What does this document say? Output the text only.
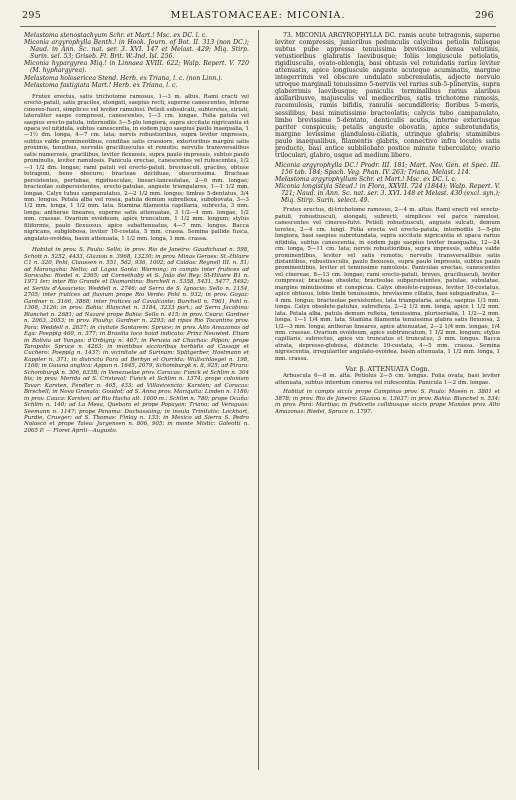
295	MELASTOMACEAE: MICONIA.	296

Melastoma stenostachyum Schr. et Mart.! Msc. ex DC. l. c.

Miconia argyrophylla Benth.! in Hook. Journ. of Bot. II. 313 (non DC.); Naud. in Ann. Sc. nat. ser. 3. XVI. 147 et Melast. 429; Miq. Stirp. Surin. sel. 53; Griseb. Fl. Brit. W.-Ind. Isl. 256.

Miconia hypargyrea Miq.! in Linnaea XVIII. 622; Walp. Repert. V. 720 (M. hyphargyrea).

Melastoma holosericea Stend. Herb. ex Triana, l. c. (non Linn.).

Melastoma fastigiata Mart.! Herb. ex Triana, l. c.

Frutex erectus, satis trichotome ramosus, 1—3 m. altus. Rami cracti vel erecto-patuli, satis graciles, elongati, saepius recti, superne canescentes, inferne cinereo-fusci, simplices vel leviter ramulosi. Petioli subsulcati, subteretes, striati, lateraliter saepe compressi, canescentes, 1—3 cm. longae. Folia patula vel saepius erecto-patula, internodiis 3—5-plo longiora, supra siccitate nigricantia et opaca vel nitidula, subtus canescentia, in eodem jugo saepius paulo inaequalia, 1—1½ dm. longa, 4—7 cm. lata; nervis robustioribus, supra leviter impressis, subtus valde prominentibus, conditae satis crassiore, exterioribus margini satis proximis, tenuibus, nervulis graciliusculus et remotis; nervulis transversalibus satis numerosis, gracilibus, leviter flexuosis, supra paulo impressis, subtus paulo prominulis, leviter ramulosis. Panicula erectae, canescentes vel rufescentes, 1/2—1 1/2 dm. longae; rami patuli vel erecto-patuli, breviusculi, graciles, obtuse tetragoni, bene obscure; bracteae deciduae, obscurissima. Bracteae persistentes, pertubae, rigidiusculae, lineari-lanceolatae, 2—6 mm. longae; bracteolae subpersistentes, erecto-patulae, anguste triangulares, 1—1 1/2 mm. longae. Calyx tubus campanulatus, 2—2 1/2 mm. longus; limbus 5-dentatus, 3/4 mm. longus. Petala alba vel rosea, patula demum subreflexa, subobovata, 3—3 1/2 mm. longa, 1 1/2 mm. lata. Stamina filamenta capillaria, subrecta, 3 mm. longa; antherae lineares, superne satis attenuatae, 3 1/2—4 mm. longae, 1/2 mm. crassae. Ovarium ovoideum, apice truncatum, 1 1/2 mm. longum; stylus filiformis, paulo flexuosus, apice subattenuatus, 4—7 mm. longus. Bacca nigricans, subglobosa, leviter 10-costata, 5 mm. crassa. Semina pallide fusca, angulato-ovoidea, basin attenuata, 1 1/2 mm. longa, 1 mm. crassa.

Habitat in prov. S. Paulo: Sello; in prov. Rio de Janeiro: Gaudichaud n. 598, Schott n. 5252, 4433, Glaziou n. 3968, 13230; in prov. Minas Geraes: St.-Hilaire C1 n. 320, Pohl, Claussen n. 551, 562, 936, 1002; ad Caldas: Regnell III. n. 51; ad Marangaba: Netto; ad Lagoa Santa: Warming; in campis inter frutices ad Sorocaba: Riedel n. 2365; ad Cornethaby et S. João del Rey: St-Hilaire B1 n. 1971 ter; inter Rio Grande et Diamantina: Burchell n. 5358, 5431, 5477, 5492; et Serilis d'Assucieio: Weddell n. 2746; ad Serra de S. Ignacio: Sello n. 1154, 2705; inter frutices ad fluvium prope Rio Verde: Pohl n. 932; in prov. Goyaz: Gardner n. 3166, 3868; inter frutices ad Cavalcante: Burchell n. 7961, Pohl n. 1308, 3126; in prov. Bahia: Blanchet n. 3184, 3233 part.; ad Serra Jacobina: Blanchet n. 2681; ad Nazaré prope Bahia: Sello n. 415; in prov. Ceara: Gardner n. 2063, 2053; in prov. Piauhy: Gardner n. 2293; ad ripas Rio Tocantins prov. Para: Weddell n. 2637; in civitate Santarem: Spruce; in prov. Alto Amazonas ad Ega: Poeppig 460, n. 377; in Brasilia loco haud indicato: Prinz Neuwied. Etiam in Bolivia ad Yungas: d'Orbigny n. 467; in Peruvia ad Chachas: Pöpon; prope Tarapoto: Spruce n. 4263; in montibus siccioribus herbidis ad Cassapi et Cuchero: Poeppig n. 1437; in vicinitate ad Surinam: Splitgerber, Hostmann et Kappler n. 371; in districtu Para ad Berbyn et Ourrida: Wullschlaegel n. 198, 1168; in Guiana anglica: Appun n. 1645, 2079, Schomburgk n. 8, 925; ad Pirara: Schomburgk n. 306, 633B; in Venezuelae prov. Caracas: Funck et Schlim n. 304 bis; in prov. Merida ad S. Cristoval: Funck et Schlim n. 1374; prope coloniam Tovar: Karsten, Fendler n. 465, 433; ad Villavicencio: Karsten; ad Caracas: Birschell; in Nova Granata: Goudot; ad S. Anna prov. Mariquita: Linden n. 1186; in prov. Cauca: Karsten; ad Rio Hacha alt. 1600 m.: Schlim n. 780; prope Ocaña: Schlim n. 140; ad La Mesa, Quebara et prope Popayan: Triana; ad Veraguas: Seemann n. 1147; prope Panama: Duchassaing; in insula Trinitatis: Lockhart, Purdie, Crueger; ad S. Thomas: Finlay n. 133; in Mexico ad Sierra S. Pedro Nolasco et prope Talea: Jurgensen n. 806, 905; in monte Mistic: Galeotti n. 2065 P. — Floret Aprili—Augusto.

73. MICONIA ARGYROPHYLLA DC. ramis acute tetragonis, superne leviter compressis, junioribus pedunculis calycibus petiolis foliisque subtus pube appressa tenuissima brevissima densa velutinis, vetustioribus glabratis laevibusque; foliis longiuscule petiolatis, rigidiusculis, ovato-oblongis, basi obtusis vel rotundatis rarius leviter attenuatis, apice longiuscule anguste acuteque acuminatis, margine integerrimis vel obscure undulato subcrenulatis, adjecto nervulo utroque marginali tenuissimo 5-nerviis vel rarius sub-5-plinerviis, supra glaberrimis laevibusque; paniculis terminalibus rarius alaribus axillaribusve, majusculis vel mediocribus, satis trichotome ramosis, racemulosis, ramis bifidis, ramulis secundifloris; floribus 5-meris, sessilibus, basi minutissime bracteolatis; calycis tubo campanulato, limbo brevissime 5-dentato, denticulis acutis, interne exteriusque pariter conspicuis; petalis anguste obovatis, apice subrotundatis, margine levissime glandulosu-ciliatis, utrinque glabris; staminibus paulo inaequalibus, filamentis glabris, connectivo infra loculos satis producto, basi antice subbilobato postice minute tuberculato; ovario triloculari, glabro, usque ad medium libero.

Miconia argyrophylla DC.! Prodr. III. 181; Mart. Nov. Gen. et Spec. III. 156 tab. 184; Spach. Veg. Phan. IV. 263; Triana, Melast. 114.

Melastoma argyrophyllum Schr. et Mart.! Msc. ex DC. l. c.

Miconia longistyla Steud.! in Flora, XXVII. 724 (1844); Walp. Repert. V. 721; Naud. in Ann. Sc. nat. ser. 3. XVI. 148 et Melast. 430 (excl. syn.); Miq. Stirp. Surin. select. 49.

Frutex erectus, di-trichotome ramosus, 2—4 m. altus. Rami erecti vel erecto-patuli, robustiusculi, elongati, subrecti, simplices vel parce ramulosi, canescentes vel cinereo-fulvi. Petioli robustiusculi, anguste sulcati, demum teretes, 2—4 cm. longi. Folia erecta vel erecto-patula, internodiis 3—5-plo longiora, basi saepius subrotundata, supra siccitate nigricantia et opaca rarius nitidula, subtus canescentia, in eodem jugo saepius leviter inaequalia, 12—24 cm. longa, 5—11 cm. lata; nervis robustioribus, supra impressis, subtus valde prominentibus, leviter vel satis remotis; nervulis transversalibus satis distantibus, robustiusculis, paulo flexuosis, supra paulo impressis, subtus paulo prominentibus, leviter et tenuissime ramulosis. Paniculae erectae, canescentes vel cinereae, 8—13 cm. longae; rami erecto-patuli, breves, graciliusculi, leviter compressi; bracteae obsolete; bracteolae subpersistentes, patulae, subulatae, margine minutissime et conspicua. Calyx obsolete-rugosus, leviter 10-costatus, apice obtusus, lobis limbi tenuissimis, brevissime ciliatis, basi subquadratus, 2—4 mm. longus; bracteolae persistentes, lata triangularia, acuta, saepius 1/3 mm. longa. Calyx obsolete-patulus, subreflexa, 2—2 1/2 mm. longa, apice 1 1/2 mm. lata. Petala alba, patula demum reflexa, tenuissima, pluriserialia, 1 1/2—2 mm. longa, 1—1 1/4 mm. lata. Stamina filamenta tenuissima glabra satis flexuosa, 2 1/2—3 mm. longa; antherae lineares, apice attenuatae, 2—2 1/4 mm. longae, 1/4 mm. crassae. Ovarium ovoideum, apice subtruncatum, 1 1/2 mm. longum; stylus capillaris, subrectus, apice vix truncatus et truncatus, 3 mm. longus. Bacca atrata, depresso-globosa, distincte 10-costata, 4—5 mm. crassa. Semina nigrescentia, irregulariter angulato-ovoidea, basin attenuata, 1 1/2 mm. longa, 1 mm. crassa.

Var. β. ATTENUATA Cogn.

Arbuscula 6—8 m. alta. Petiolus 2—5 cm. longus. Folia ovata, basi leviter attenuata, subtus interdum cinerea vel rufescentia. Panicula 1—2 dm. longae.

Habitat in campis siccis prope Campinas prov. S. Paulo: Mosén n. 3801 et 3878; in prov. Rio de Janeiro: Glaziou n. 13637; in prov. Bahia: Blanchet n. 534; in prov. Pará: Martius; in fruticetis callibusque siccis prope Manáos prov. Alto Amazonas: Riedel, Spruce n. 1797.
